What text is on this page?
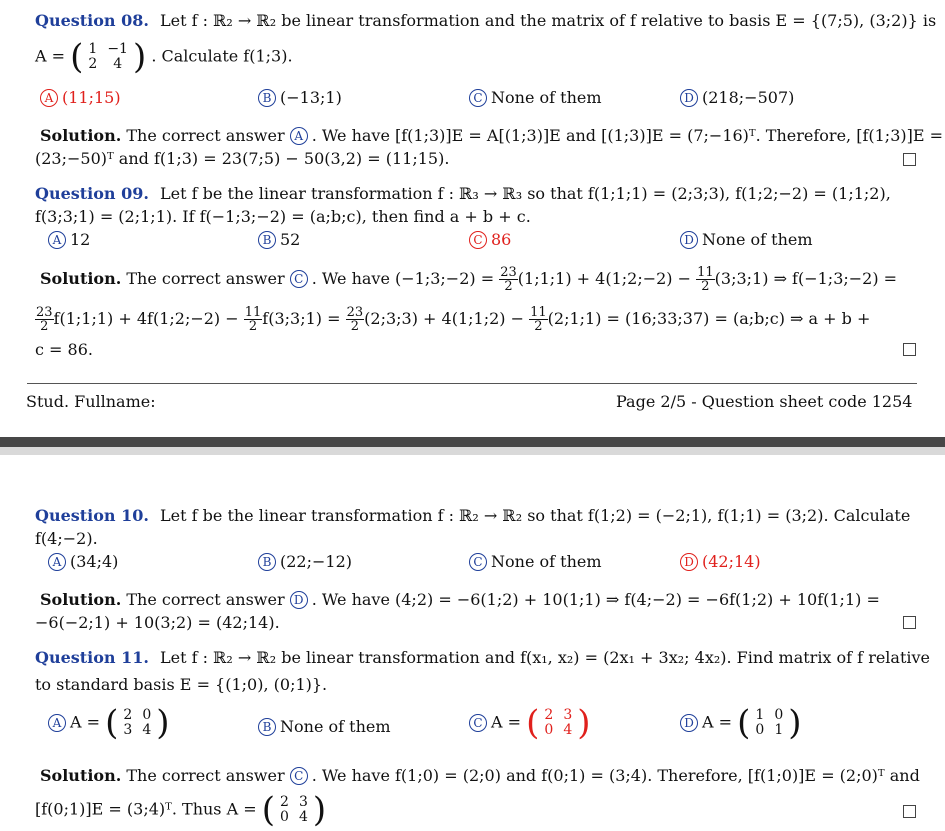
Question 08. Let f : ℝ₂ → ℝ₂ be linear transformation and the matrix of f relative to basis E = {(7;5), (3;2)} is
A = ( 1	−1
2	4 ) . Calculate f(1;3).
A (11;15)	B (−13;1)	C None of them	D (218;−507)
Solution. The correct answer A . We have [f(1;3)]E = A[(1;3)]E and [(1;3)]E = (7;−16)ᵀ. Therefore, [f(1;3)]E =
(23;−50)ᵀ and f(1;3) = 23(7;5) − 50(3,2) = (11;15).
Question 09. Let f be the linear transformation f : ℝ₃ → ℝ₃ so that f(1;1;1) = (2;3;3), f(1;2;−2) = (1;1;2),
f(3;3;1) = (2;1;1). If f(−1;3;−2) = (a;b;c), then find a + b + c.
A 12	B 52	C 86	D None of them
Solution. The correct answer C . We have (−1;3;−2) = $\frac{23}{2}$ (1;1;1) + 4(1;2;−2) − $\frac{11}{2}$ (3;3;1) ⇒ f(−1;3;−2) =
$\frac{23}{2}$ f(1;1;1) + 4f(1;2;−2) − $\frac{11}{2}$ f(3;3;1) = $\frac{23}{2}$ (2;3;3) + 4(1;1;2) − $\frac{11}{2}$ (2;1;1) = (16;33;37) = (a;b;c) ⇒ a + b +
c = 86.
Stud. Fullname:	Page 2/5 - Question sheet code 1254
Question 10. Let f be the linear transformation f : ℝ₂ → ℝ₂ so that f(1;2) = (−2;1), f(1;1) = (3;2). Calculate
f(4;−2).
A (34;4)	B (22;−12)	C None of them	D (42;14)
Solution. The correct answer D . We have (4;2) = −6(1;2) + 10(1;1) ⇒ f(4;−2) = −6f(1;2) + 10f(1;1) =
−6(−2;1) + 10(3;2) = (42;14).
Question 11. Let f : ℝ₂ → ℝ₂ be linear transformation and f(x₁, x₂) = (2x₁ + 3x₂; 4x₂). Find matrix of f relative
to standard basis E = {(1;0), (0;1)}.
A A = ( 2	0
3	4 )	B None of them	C A = ( 2	3
0	4 )	D A = ( 1	0
0	1 )
Solution. The correct answer C . We have f(1;0) = (2;0) and f(0;1) = (3;4). Therefore, [f(1;0)]E = (2;0)ᵀ and
[f(0;1)]E = (3;4)ᵀ. Thus A = ( 2	3
0	4 )
